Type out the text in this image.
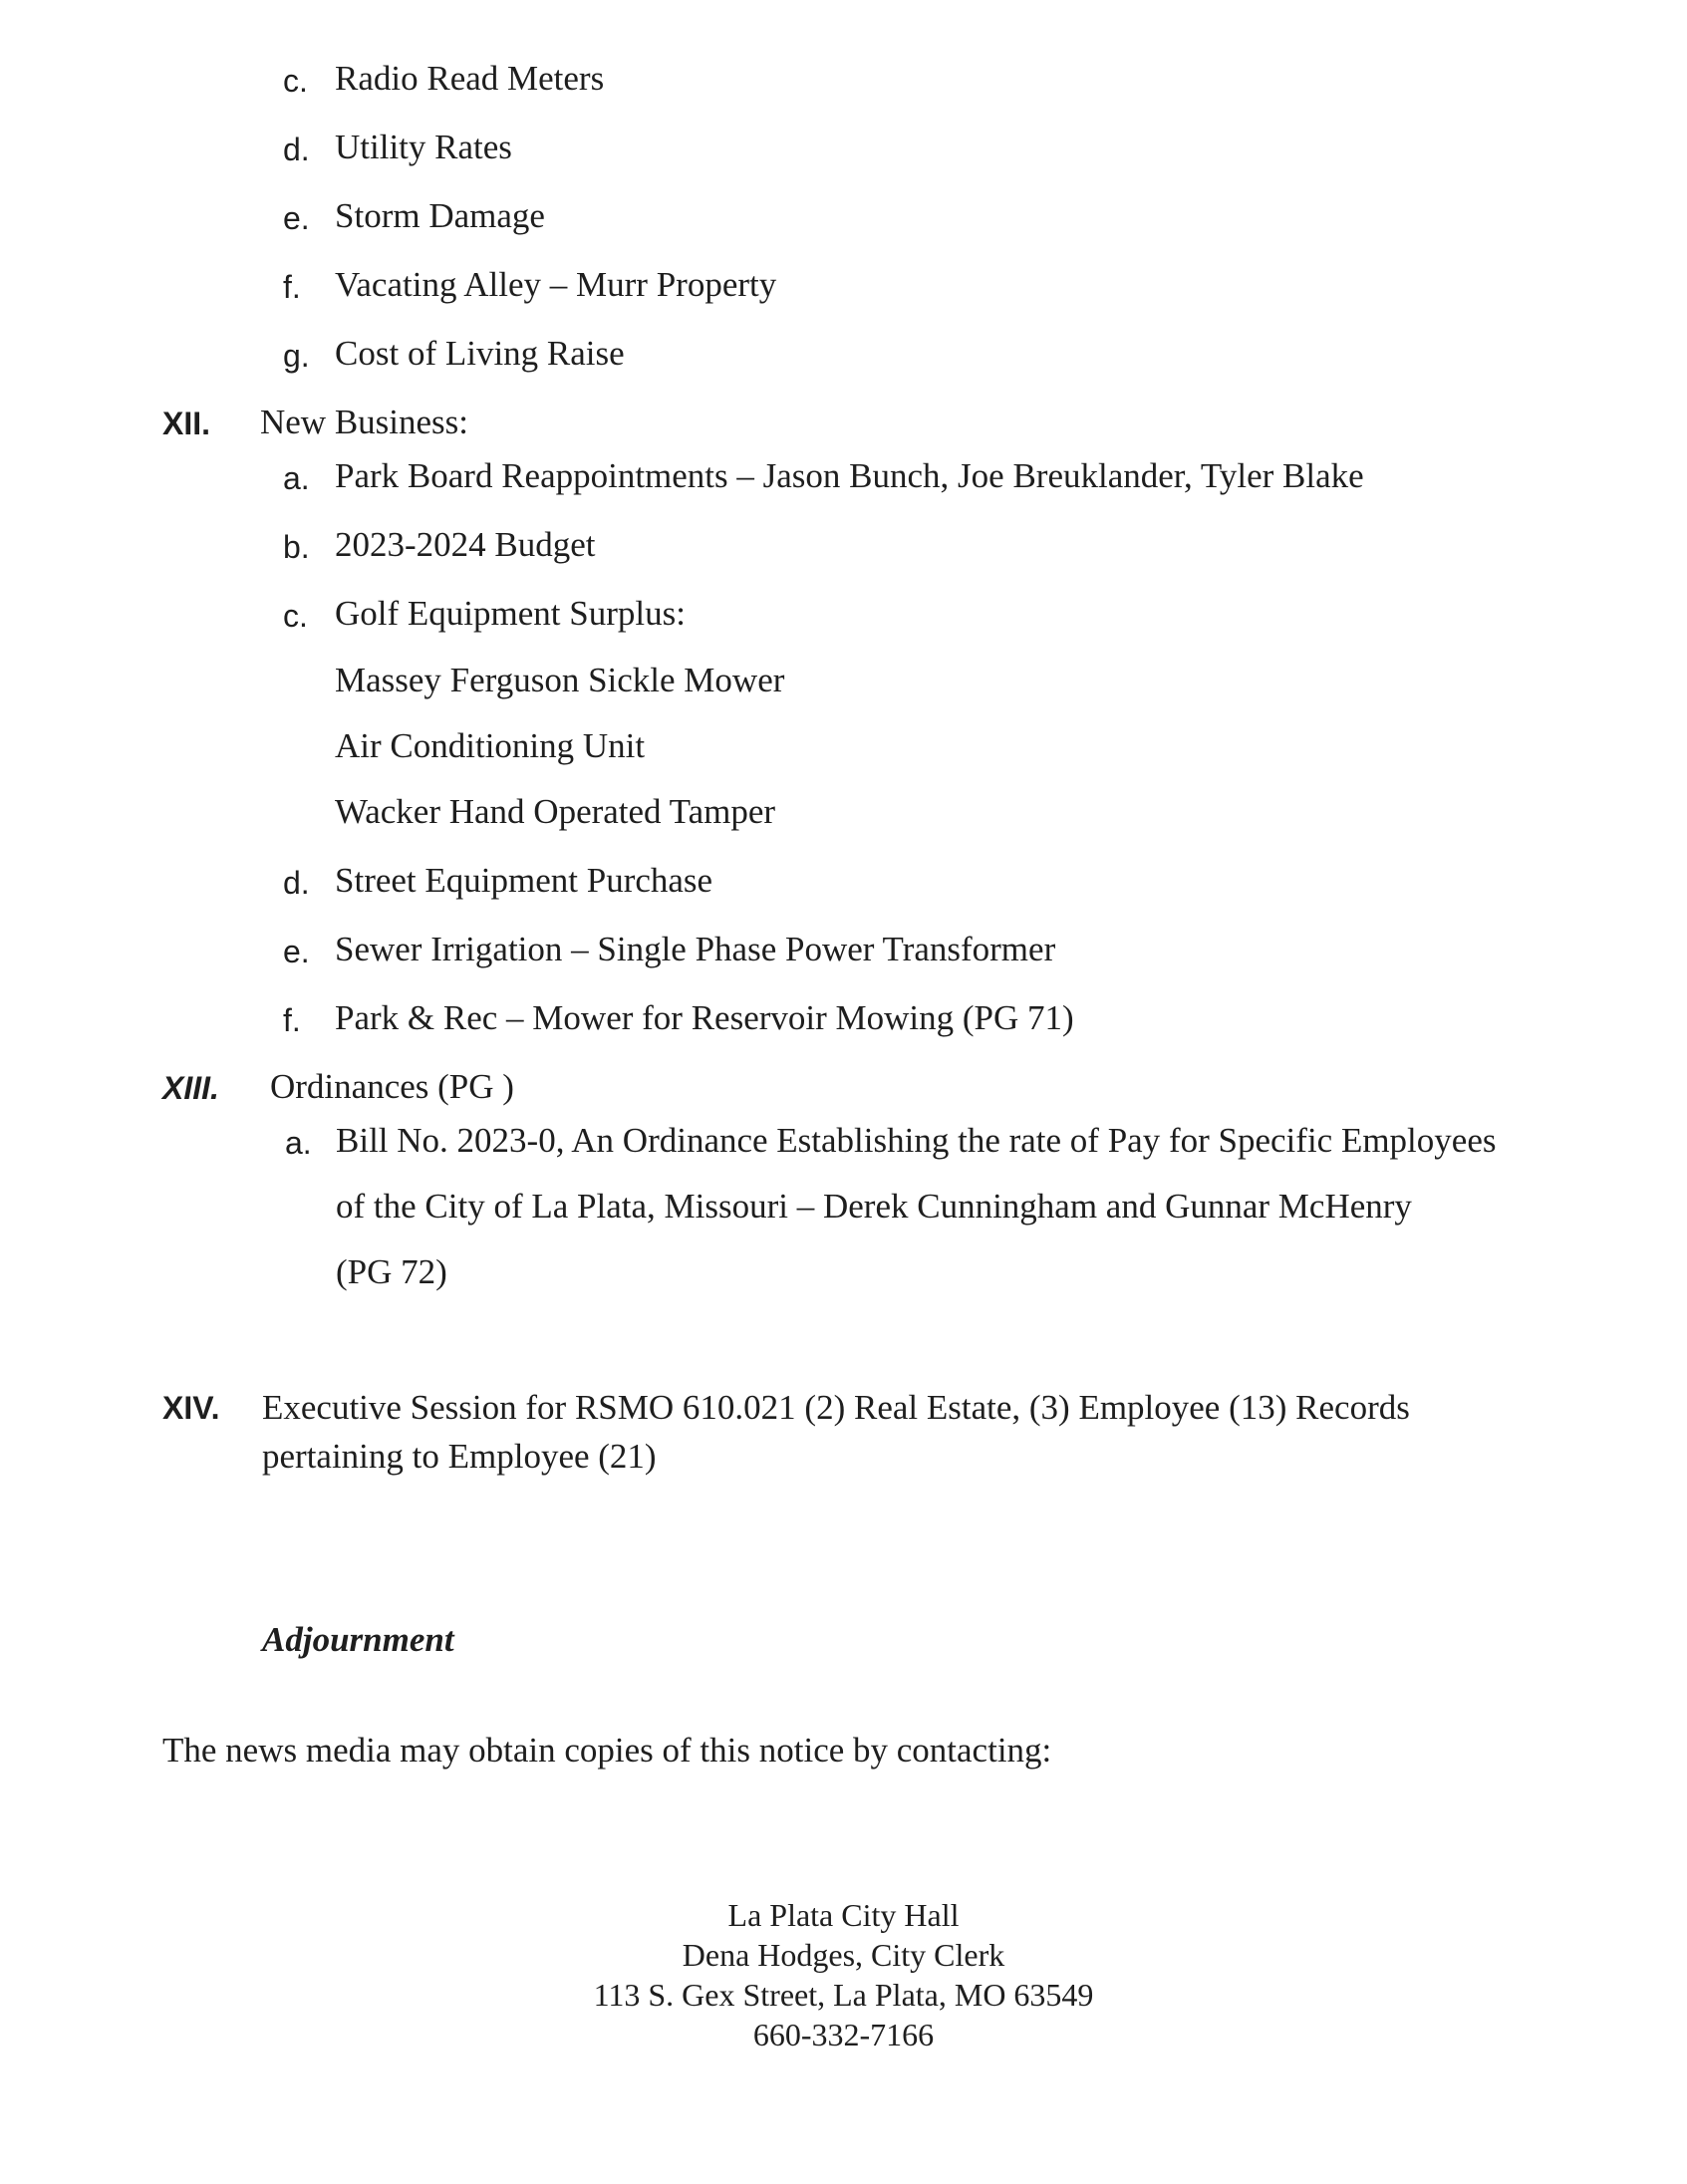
c. Radio Read Meters
d. Utility Rates
e. Storm Damage
f. Vacating Alley – Murr Property
g. Cost of Living Raise
XII. New Business:
a. Park Board Reappointments – Jason Bunch, Joe Breuklander, Tyler Blake
b. 2023-2024 Budget
c. Golf Equipment Surplus:
Massey Ferguson Sickle Mower
Air Conditioning Unit
Wacker Hand Operated Tamper
d. Street Equipment Purchase
e. Sewer Irrigation – Single Phase Power Transformer
f. Park & Rec – Mower for Reservoir Mowing (PG 71)
XIII. Ordinances (PG )
a. Bill No. 2023-0, An Ordinance Establishing the rate of Pay for Specific Employees
of the City of La Plata, Missouri – Derek Cunningham and Gunnar McHenry
(PG 72)
XIV. Executive Session for RSMO 610.021 (2) Real Estate, (3) Employee (13) Records
pertaining to Employee (21)
Adjournment
The news media may obtain copies of this notice by contacting:
La Plata City Hall
Dena Hodges, City Clerk
113 S. Gex Street, La Plata, MO 63549
660-332-7166
